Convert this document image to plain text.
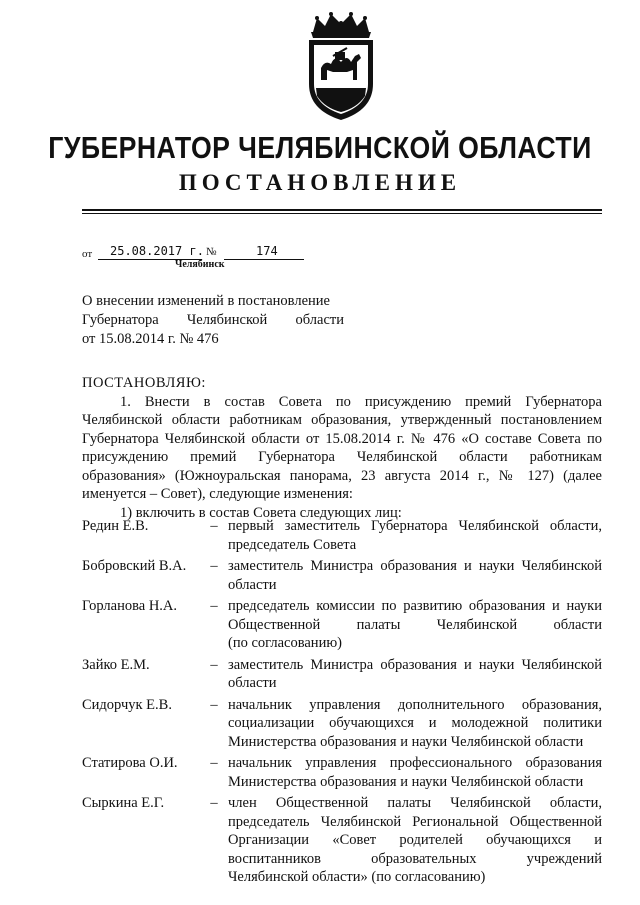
ГУБЕРНАТОР ЧЕЛЯБИНСКОЙ ОБЛАСТИ
ПОСТАНОВЛЕНИЕ
от 25.08.2017 г. №	174
Челябинск
О внесении изменений в постановление
Губернатора Челябинской области
от 15.08.2014 г. № 476
ПОСТАНОВЛЯЮ:
1. Внести в состав Совета по присуждению премий Губернатора
Челябинской области работникам образования, утвержденный постановлением
Губернатора Челябинской области от 15.08.2014 г. № 476 «О составе Совета по
присуждению премий Губернатора Челябинской области работникам
образования» (Южноуральская панорама, 23 августа 2014 г., № 127) (далее
именуется – Совет), следующие изменения:
1) включить в состав Совета следующих лиц:
Редин Е.В.	– первый заместитель Губернатора Челябинской области,
председатель Совета
Бобровский В.А.	– заместитель Министра образования и науки Челябинской
области
Горланова Н.А.	– председатель комиссии по развитию образования и науки
Общественной палаты Челябинской области
(по согласованию)
Зайко Е.М.	– заместитель Министра образования и науки Челябинской
области
Сидорчук Е.В.	– начальник управления дополнительного образования,
социализации обучающихся и молодежной политики
Министерства образования и науки Челябинской области
Статирова О.И.	– начальник управления профессионального образования
Министерства образования и науки Челябинской области
Сыркина Е.Г.	– член Общественной палаты Челябинской области,
председатель Челябинской Региональной Общественной
Организации «Совет родителей обучающихся и
воспитанников образовательных учреждений
Челябинской области» (по согласованию)
